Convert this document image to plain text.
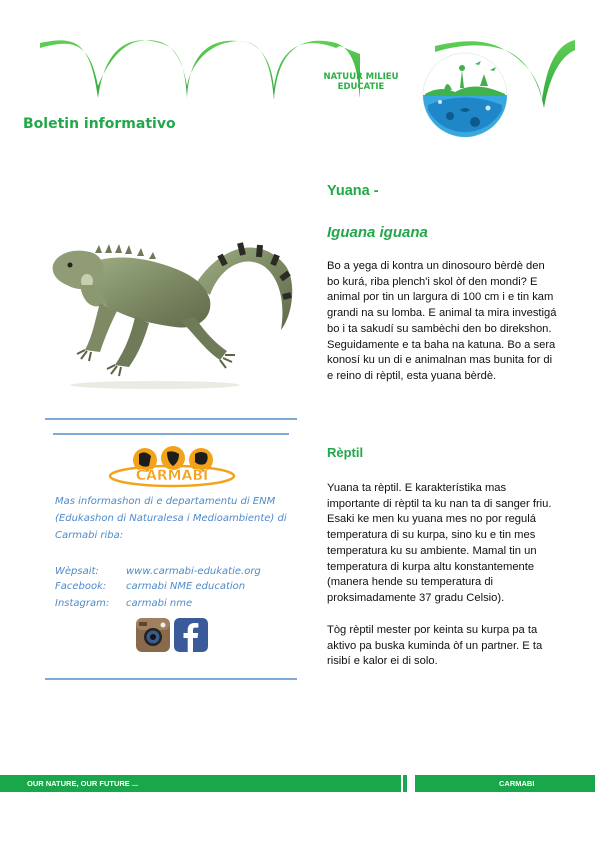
NATUUR MILIEU
EDUCATIE
Boletin informativo
CARMABI
Mas informashon di e departamentu di ENM (Edukashon di Naturalesa i Medioambiente) di Carmabi riba:
Wèpsait:	www.carmabi-edukatie.org
Facebook: carmabi NME education
Instagram: carmabi nme
Yuana -
Iguana iguana
Bo a yega di kontra un dinosouro bèrdè den bo kurá, riba plench'i skol òf den mondi? E animal por tin un largura di 100 cm i e tin kam grandi na su lomba. E animal ta mira investigá bo i ta sakudí su sambèchi den bo direkshon. Seguidamente e ta baha na katuna. Bo a sera konosí ku un di e animalnan mas bunita for di e reino di rèptil, esta yuana bèrdè.
Rèptil
Yuana ta rèptil. E karakterístika mas importante di rèptil ta ku nan ta di sanger friu. Esaki ke men ku yuana mes no por regulá temperatura di su kurpa, sino ku e tin mes temperatura ku su ambiente. Mamal tin un temperatura di kurpa altu konstantemente (manera hende su temperatura di proksimadamente 37 gradu Celsio).
Tòg rèptil mester por keinta su kurpa pa ta aktivo pa buska kuminda òf un partner. E ta risibí e kalor ei di solo.
OUR NATURE, OUR FUTURE ...	CARMABI
